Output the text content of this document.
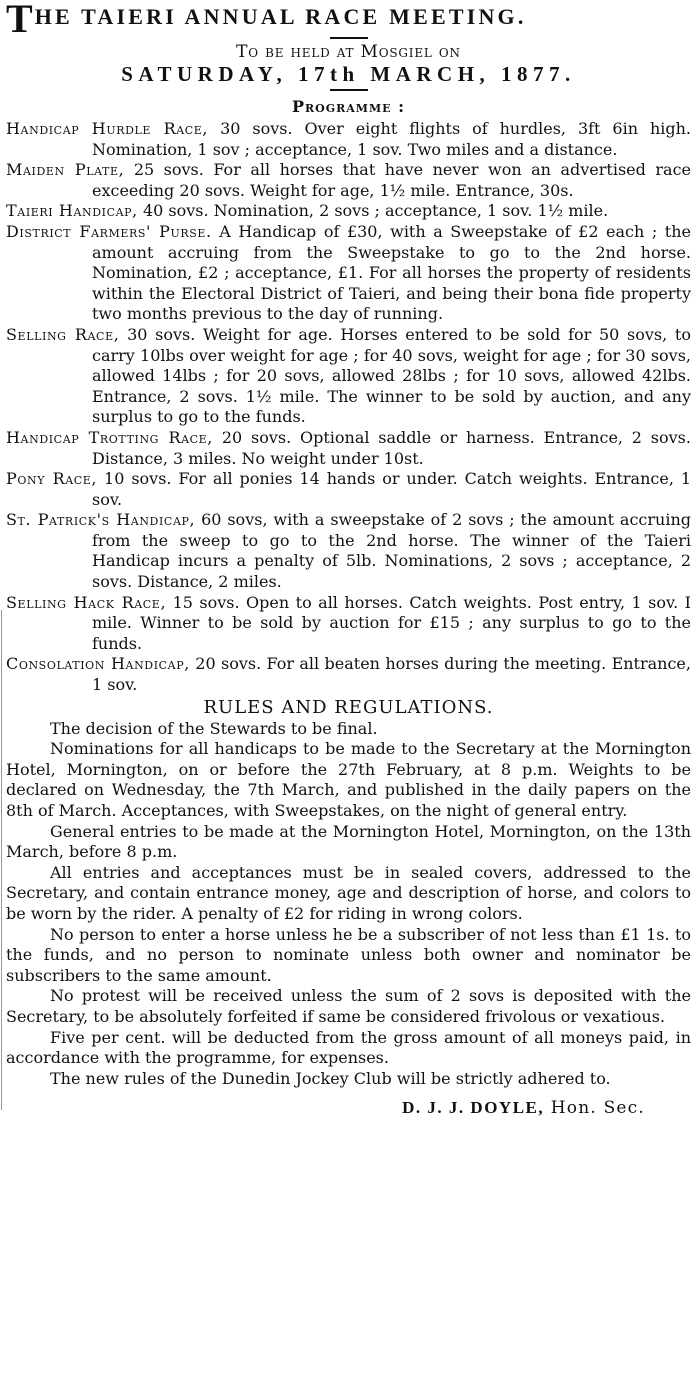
THE TAIERI ANNUAL RACE MEETING.

To be held at Mosgiel on

SATURDAY, 17th MARCH, 1877.

Programme :

Handicap Hurdle Race, 30 sovs. Over eight flights of hurdles, 3ft 6in high. Nomination, 1 sov ; acceptance, 1 sov. Two miles and a distance.

Maiden Plate, 25 sovs. For all horses that have never won an advertised race exceeding 20 sovs. Weight for age, 1½ mile. Entrance, 30s.

Taieri Handicap, 40 sovs. Nomination, 2 sovs ; acceptance, 1 sov. 1½ mile.

District Farmers' Purse. A Handicap of £30, with a Sweepstake of £2 each ; the amount accruing from the Sweepstake to go to the 2nd horse. Nomination, £2 ; acceptance, £1. For all horses the property of residents within the Electoral District of Taieri, and being their bona fide property two months previous to the day of running.

Selling Race, 30 sovs. Weight for age. Horses entered to be sold for 50 sovs, to carry 10lbs over weight for age ; for 40 sovs, weight for age ; for 30 sovs, allowed 14lbs ; for 20 sovs, allowed 28lbs ; for 10 sovs, allowed 42lbs. Entrance, 2 sovs. 1½ mile. The winner to be sold by auction, and any surplus to go to the funds.

Handicap Trotting Race, 20 sovs. Optional saddle or harness. Entrance, 2 sovs. Distance, 3 miles. No weight under 10st.

Pony Race, 10 sovs. For all ponies 14 hands or under. Catch weights. Entrance, 1 sov.

St. Patrick's Handicap, 60 sovs, with a sweepstake of 2 sovs ; the amount accruing from the sweep to go to the 2nd horse. The winner of the Taieri Handicap incurs a penalty of 5lb. Nominations, 2 sovs ; acceptance, 2 sovs. Distance, 2 miles.

Selling Hack Race, 15 sovs. Open to all horses. Catch weights. Post entry, 1 sov. I mile. Winner to be sold by auction for £15 ; any surplus to go to the funds.

Consolation Handicap, 20 sovs. For all beaten horses during the meeting. Entrance, 1 sov.

RULES AND REGULATIONS.

The decision of the Stewards to be final.

Nominations for all handicaps to be made to the Secretary at the Mornington Hotel, Mornington, on or before the 27th February, at 8 p.m. Weights to be declared on Wednesday, the 7th March, and published in the daily papers on the 8th of March. Acceptances, with Sweepstakes, on the night of general entry.

General entries to be made at the Mornington Hotel, Mornington, on the 13th March, before 8 p.m.

All entries and acceptances must be in sealed covers, addressed to the Secretary, and contain entrance money, age and description of horse, and colors to be worn by the rider. A penalty of £2 for riding in wrong colors.

No person to enter a horse unless he be a subscriber of not less than £1 1s. to the funds, and no person to nominate unless both owner and nominator be subscribers to the same amount.

No protest will be received unless the sum of 2 sovs is deposited with the Secretary, to be absolutely forfeited if same be considered frivolous or vexatious.

Five per cent. will be deducted from the gross amount of all moneys paid, in accordance with the programme, for expenses.

The new rules of the Dunedin Jockey Club will be strictly adhered to.

D. J. J. DOYLE, Hon. Sec.
